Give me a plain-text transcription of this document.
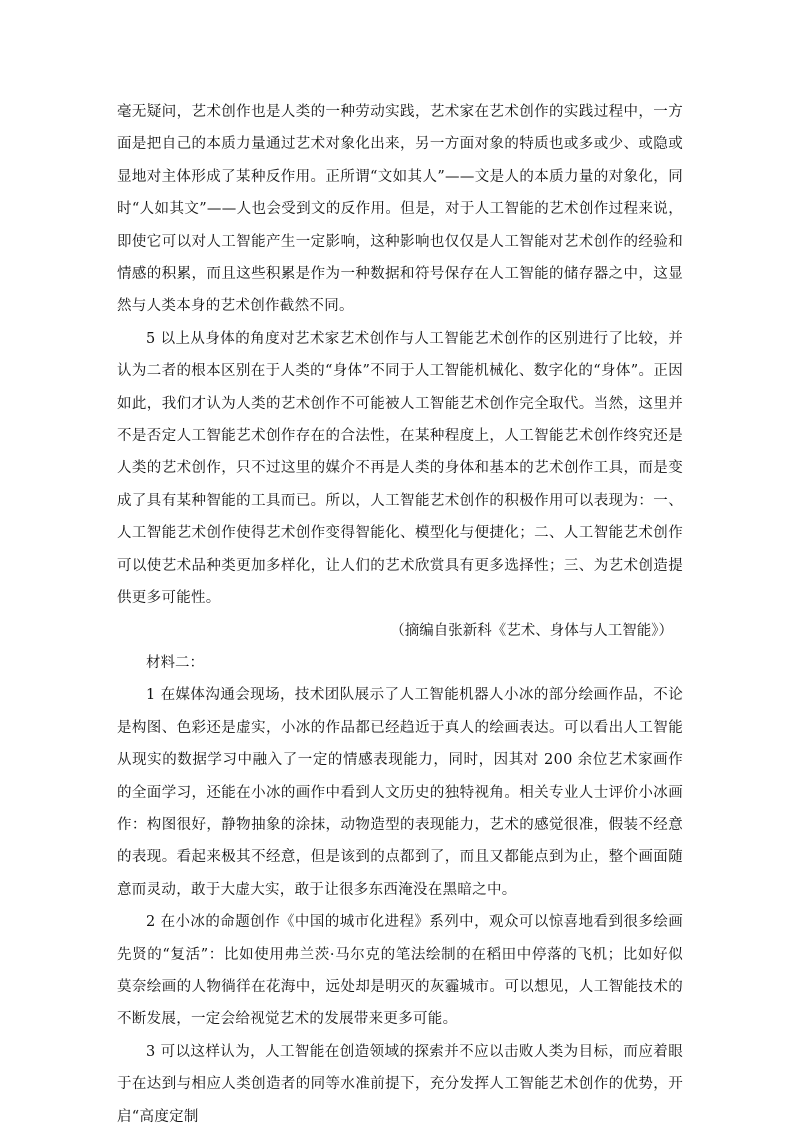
毫无疑问，艺术创作也是人类的一种劳动实践，艺术家在艺术创作的实践过程中，一方面是把自己的本质力量通过艺术对象化出来，另一方面对象的特质也或多或少、或隐或显地对主体形成了某种反作用。正所谓“文如其人”——文是人的本质力量的对象化，同时“人如其文”——人也会受到文的反作用。但是，对于人工智能的艺术创作过程来说，即使它可以对人工智能产生一定影响，这种影响也仅仅是人工智能对艺术创作的经验和情感的积累，而且这些积累是作为一种数据和符号保存在人工智能的储存器之中，这显然与人类本身的艺术创作截然不同。

5 以上从身体的角度对艺术家艺术创作与人工智能艺术创作的区别进行了比较，并认为二者的根本区别在于人类的“身体”不同于人工智能机械化、数字化的“身体”。正因如此，我们才认为人类的艺术创作不可能被人工智能艺术创作完全取代。当然，这里并不是否定人工智能艺术创作存在的合法性，在某种程度上，人工智能艺术创作终究还是人类的艺术创作，只不过这里的媒介不再是人类的身体和基本的艺术创作工具，而是变成了具有某种智能的工具而已。所以，人工智能艺术创作的积极作用可以表现为：一、人工智能艺术创作使得艺术创作变得智能化、模型化与便捷化；二、人工智能艺术创作可以使艺术品种类更加多样化，让人们的艺术欣赏具有更多选择性；三、为艺术创造提供更多可能性。

（摘编自张新科《艺术、身体与人工智能》）

材料二：

1 在媒体沟通会现场，技术团队展示了人工智能机器人小冰的部分绘画作品，不论是构图、色彩还是虚实，小冰的作品都已经趋近于真人的绘画表达。可以看出人工智能从现实的数据学习中融入了一定的情感表现能力，同时，因其对 200 余位艺术家画作的全面学习，还能在小冰的画作中看到人文历史的独特视角。相关专业人士评价小冰画作：构图很好，静物抽象的涂抹，动物造型的表现能力，艺术的感觉很准，假装不经意的表现。看起来极其不经意，但是该到的点都到了，而且又都能点到为止，整个画面随意而灵动，敢于大虚大实，敢于让很多东西淹没在黑暗之中。

2 在小冰的命题创作《中国的城市化进程》系列中，观众可以惊喜地看到很多绘画先贤的“复活”：比如使用弗兰茨·马尔克的笔法绘制的在稻田中停落的飞机；比如好似莫奈绘画的人物徜徉在花海中，远处却是明灭的灰霾城市。可以想见，人工智能技术的不断发展，一定会给视觉艺术的发展带来更多可能。

3 可以这样认为，人工智能在创造领域的探索并不应以击败人类为目标，而应着眼于在达到与相应人类创造者的同等水准前提下，充分发挥人工智能艺术创作的优势，开启“高度定制
